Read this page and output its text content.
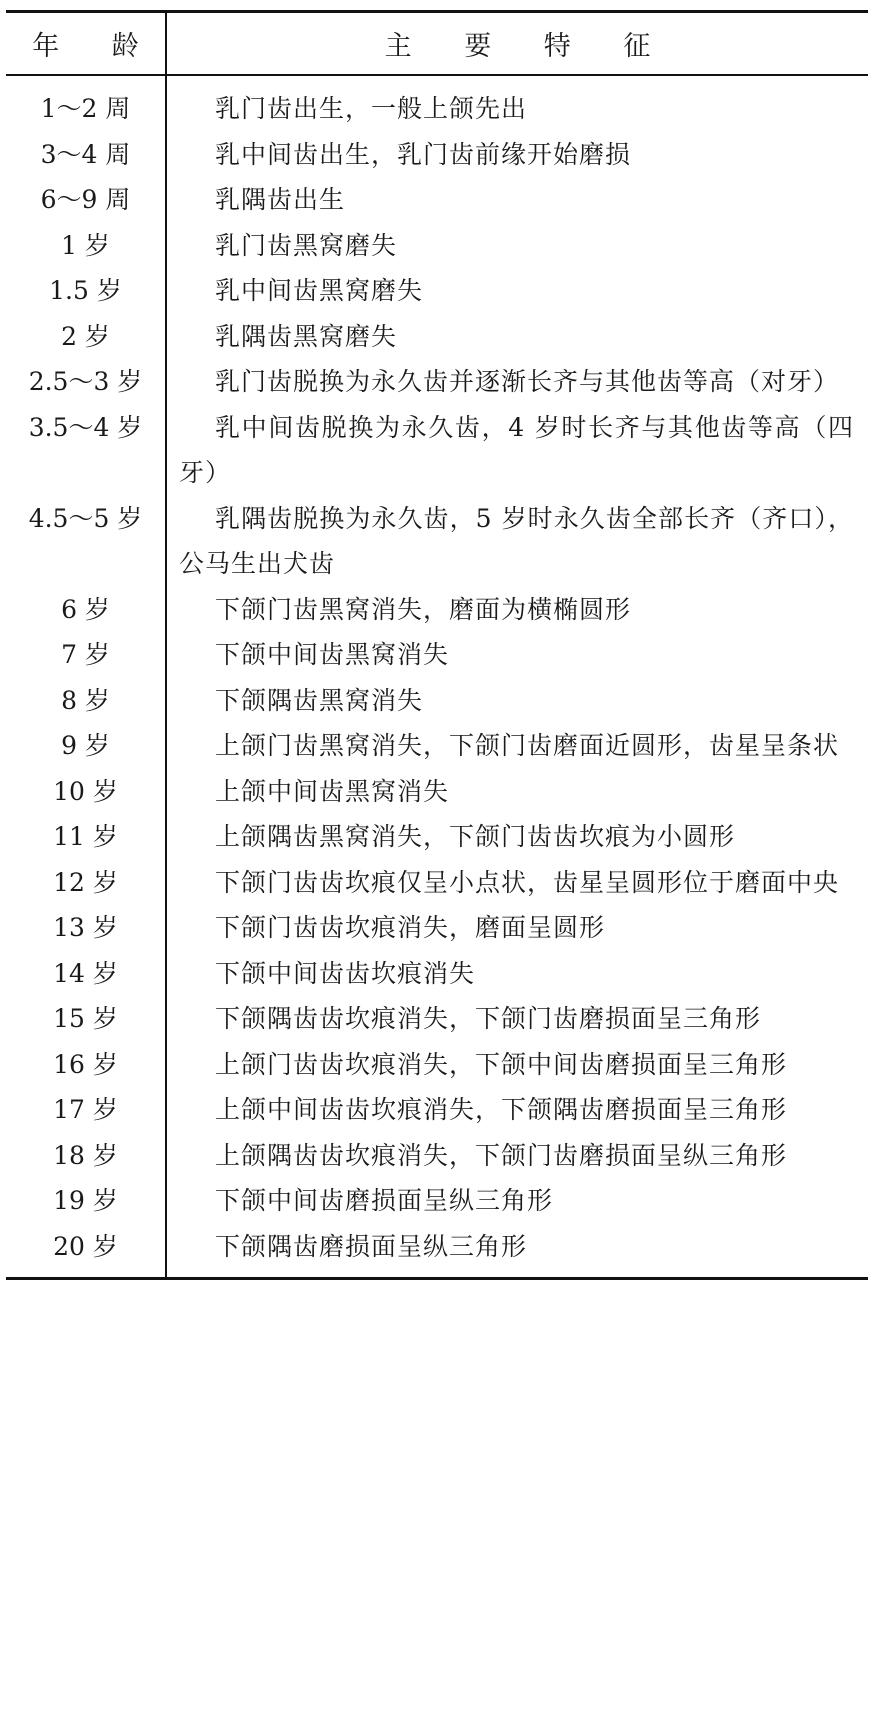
年 龄	主 要 特 征
1～2 周	乳门齿出生，一般上颌先出
3～4 周	乳中间齿出生，乳门齿前缘开始磨损
6～9 周	乳隅齿出生
1 岁	乳门齿黑窝磨失
1.5 岁	乳中间齿黑窝磨失
2 岁	乳隅齿黑窝磨失
2.5～3 岁	乳门齿脱换为永久齿并逐渐长齐与其他齿等高（对牙）
3.5～4 岁	乳中间齿脱换为永久齿，4 岁时长齐与其他齿等高（四牙）
4.5～5 岁	乳隅齿脱换为永久齿，5 岁时永久齿全部长齐（齐口），公马生出犬齿
6 岁	下颌门齿黑窝消失，磨面为横椭圆形
7 岁	下颌中间齿黑窝消失
8 岁	下颌隅齿黑窝消失
9 岁	上颌门齿黑窝消失，下颌门齿磨面近圆形，齿星呈条状
10 岁	上颌中间齿黑窝消失
11 岁	上颌隅齿黑窝消失，下颌门齿齿坎痕为小圆形
12 岁	下颌门齿齿坎痕仅呈小点状，齿星呈圆形位于磨面中央
13 岁	下颌门齿齿坎痕消失，磨面呈圆形
14 岁	下颌中间齿齿坎痕消失
15 岁	下颌隅齿齿坎痕消失，下颌门齿磨损面呈三角形
16 岁	上颌门齿齿坎痕消失，下颌中间齿磨损面呈三角形
17 岁	上颌中间齿齿坎痕消失，下颌隅齿磨损面呈三角形
18 岁	上颌隅齿齿坎痕消失，下颌门齿磨损面呈纵三角形
19 岁	下颌中间齿磨损面呈纵三角形
20 岁	下颌隅齿磨损面呈纵三角形
